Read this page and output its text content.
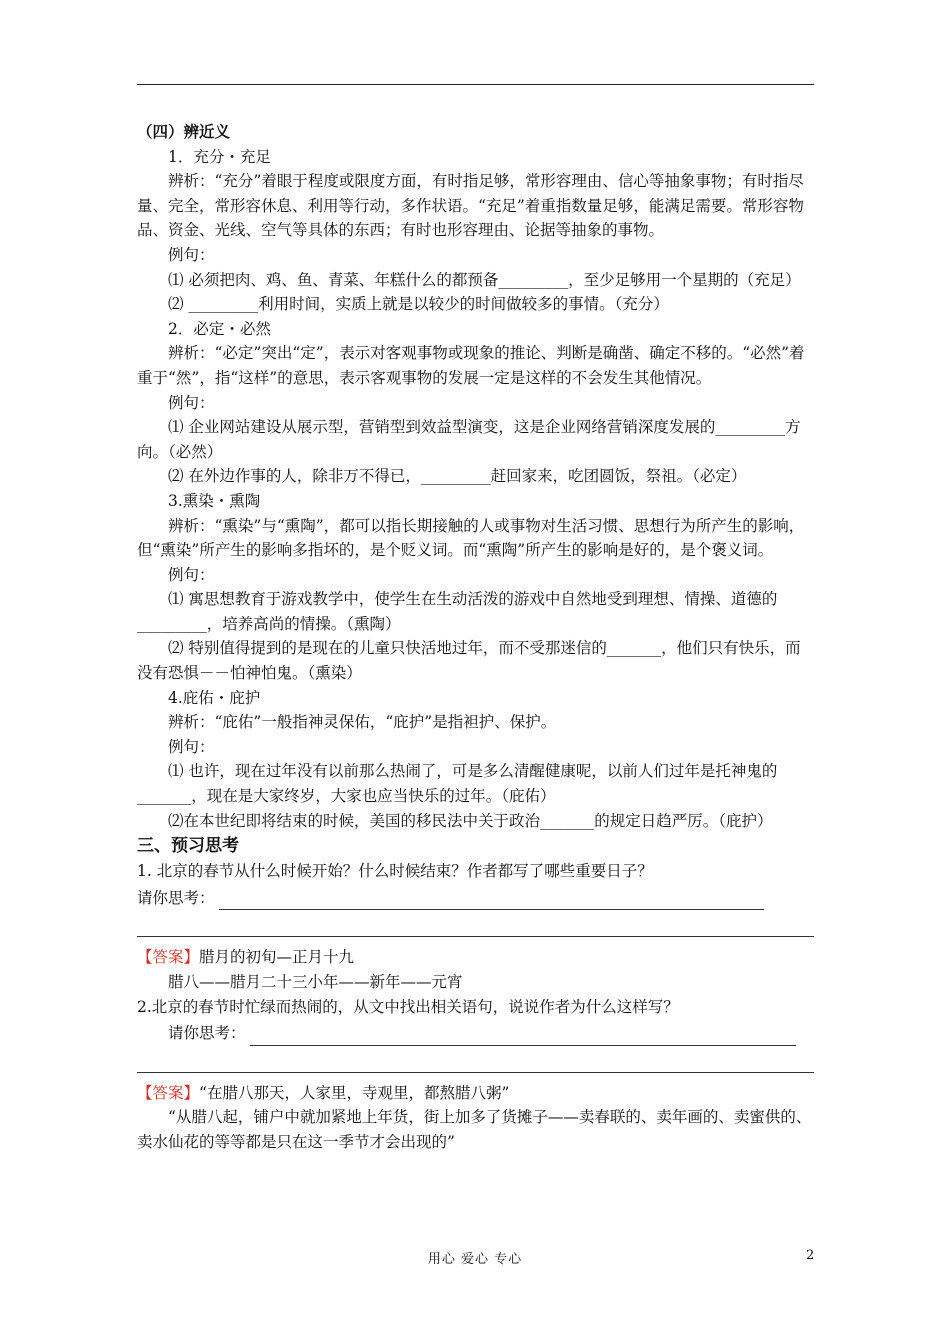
（四）辨近义

1．充分・充足

辨析：“充分”着眼于程度或限度方面，有时指足够，常形容理由、信心等抽象事物；有时指尽量、完全，常形容休息、利用等行动，多作状语。“充足”着重指数量足够，能满足需要。常形容物品、资金、光线、空气等具体的东西；有时也形容理由、论据等抽象的事物。

例句：

⑴ 必须把肉、鸡、鱼、青菜、年糕什么的都预备_________，至少足够用一个星期的（充足）

⑵ _________利用时间，实质上就是以较少的时间做较多的事情。（充分）

2．必定・必然

辨析：“必定”突出“定”，表示对客观事物或现象的推论、判断是确凿、确定不移的。“必然”着重于“然”，指“这样”的意思，表示客观事物的发展一定是这样的不会发生其他情况。

例句：

⑴ 企业网站建设从展示型，营销型到效益型演变，这是企业网络营销深度发展的_________方向。（必然）

⑵ 在外边作事的人，除非万不得已，_________赶回家来，吃团圆饭，祭祖。（必定）

3.熏染・熏陶

辨析：“熏染”与“熏陶”，都可以指长期接触的人或事物对生活习惯、思想行为所产生的影响，但“熏染”所产生的影响多指坏的，是个贬义词。而“熏陶”所产生的影响是好的，是个褒义词。

例句：

⑴ 寓思想教育于游戏教学中，使学生在生动活泼的游戏中自然地受到理想、情操、道德的_________，培养高尚的情操。（熏陶）

⑵ 特别值得提到的是现在的儿童只快活地过年，而不受那迷信的_______，他们只有快乐，而没有恐惧－－怕神怕鬼。（熏染）

4.庇佑・庇护

辨析：“庇佑”一般指神灵保佑，“庇护”是指袒护、保护。

例句：

⑴ 也许，现在过年没有以前那么热闹了，可是多么清醒健康呢，以前人们过年是托神鬼的_______，现在是大家终岁，大家也应当快乐的过年。（庇佑）

⑵在本世纪即将结束的时候，美国的移民法中关于政治_______的规定日趋严厉。（庇护）

三、预习思考

1. 北京的春节从什么时候开始？什么时候结束？作者都写了哪些重要日子？

请你思考：

【答案】腊月的初旬—正月十九

腊八——腊月二十三小年——新年——元宵

2.北京的春节时忙绿而热闹的，从文中找出相关语句，说说作者为什么这样写？

请你思考：

【答案】“在腊八那天，人家里，寺观里，都熬腊八粥”

“从腊八起，铺户中就加紧地上年货，街上加多了货摊子——卖春联的、卖年画的、卖蜜供的、卖水仙花的等等都是只在这一季节才会出现的”

用心 爱心 专心	2
